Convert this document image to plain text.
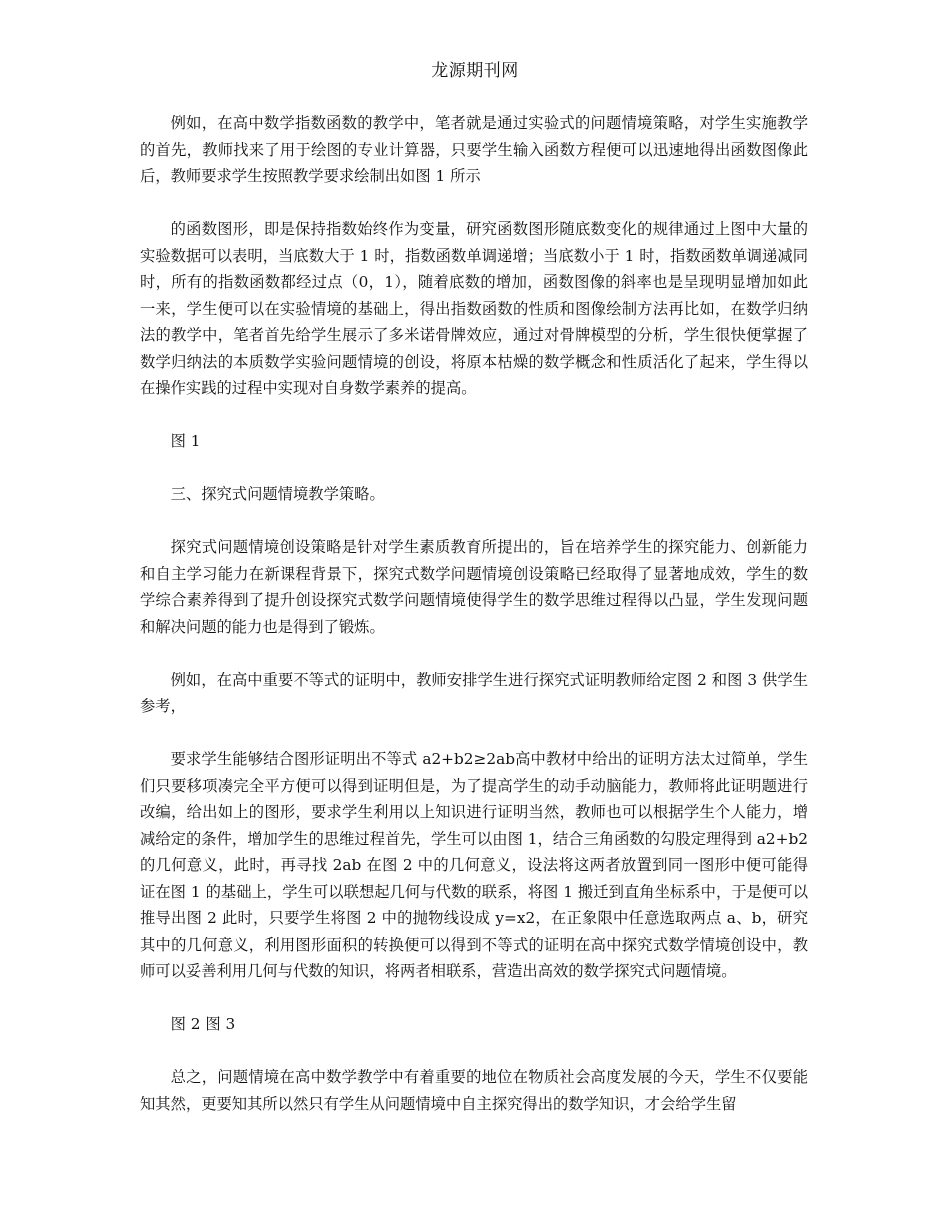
龙源期刊网

例如，在高中数学指数函数的教学中，笔者就是通过实验式的问题情境策略，对学生实施教学的首先，教师找来了用于绘图的专业计算器，只要学生输入函数方程便可以迅速地得出函数图像此后，教师要求学生按照教学要求绘制出如图 1 所示

的函数图形，即是保持指数始终作为变量，研究函数图形随底数变化的规律通过上图中大量的实验数据可以表明，当底数大于 1 时，指数函数单调递增；当底数小于 1 时，指数函数单调递减同时，所有的指数函数都经过点（0，1），随着底数的增加，函数图像的斜率也是呈现明显增加如此一来，学生便可以在实验情境的基础上，得出指数函数的性质和图像绘制方法再比如，在数学归纳法的教学中，笔者首先给学生展示了多米诺骨牌效应，通过对骨牌模型的分析，学生很快便掌握了数学归纳法的本质数学实验问题情境的创设，将原本枯燥的数学概念和性质活化了起来，学生得以在操作实践的过程中实现对自身数学素养的提高。

图 1

三、探究式问题情境教学策略。

探究式问题情境创设策略是针对学生素质教育所提出的，旨在培养学生的探究能力、创新能力和自主学习能力在新课程背景下，探究式数学问题情境创设策略已经取得了显著地成效，学生的数学综合素养得到了提升创设探究式数学问题情境使得学生的数学思维过程得以凸显，学生发现问题和解决问题的能力也是得到了锻炼。

例如，在高中重要不等式的证明中，教师安排学生进行探究式证明教师给定图 2 和图 3 供学生参考，

要求学生能够结合图形证明出不等式 a2+b2≥2ab高中教材中给出的证明方法太过简单，学生们只要移项凑完全平方便可以得到证明但是，为了提高学生的动手动脑能力，教师将此证明题进行改编，给出如上的图形，要求学生利用以上知识进行证明当然，教师也可以根据学生个人能力，增减给定的条件，增加学生的思维过程首先，学生可以由图 1，结合三角函数的勾股定理得到 a2+b2 的几何意义，此时，再寻找 2ab 在图 2 中的几何意义，设法将这两者放置到同一图形中便可能得证在图 1 的基础上，学生可以联想起几何与代数的联系，将图 1 搬迁到直角坐标系中，于是便可以推导出图 2 此时，只要学生将图 2 中的抛物线设成 y=x2，在正象限中任意选取两点 a、b，研究其中的几何意义，利用图形面积的转换便可以得到不等式的证明在高中探究式数学情境创设中，教师可以妥善利用几何与代数的知识，将两者相联系，营造出高效的数学探究式问题情境。

图 2 图 3

总之，问题情境在高中数学教学中有着重要的地位在物质社会高度发展的今天，学生不仅要能知其然，更要知其所以然只有学生从问题情境中自主探究得出的数学知识，才会给学生留
